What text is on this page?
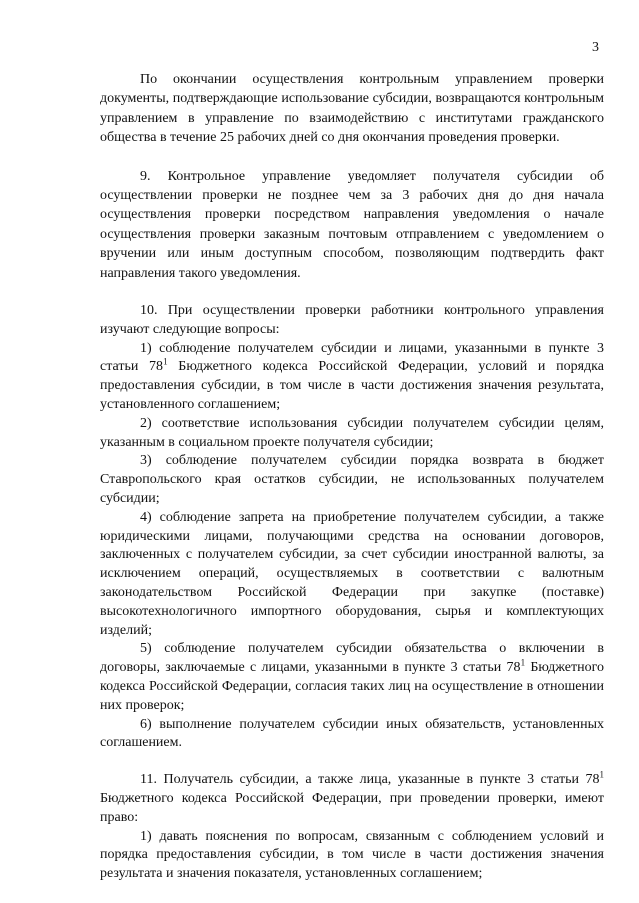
3

По окончании осуществления контрольным управлением проверки документы, подтверждающие использование субсидии, возвращаются контрольным управлением в управление по взаимодействию с институтами гражданского общества в течение 25 рабочих дней со дня окончания проведения проверки.

9. Контрольное управление уведомляет получателя субсидии об осуществлении проверки не позднее чем за 3 рабочих дня до дня начала осуществления проверки посредством направления уведомления о начале осуществления проверки заказным почтовым отправлением с уведомлением о вручении или иным доступным способом, позволяющим подтвердить факт направления такого уведомления.

10. При осуществлении проверки работники контрольного управления изучают следующие вопросы:

1) соблюдение получателем субсидии и лицами, указанными в пункте 3 статьи $78^1$ Бюджетного кодекса Российской Федерации, условий и порядка предоставления субсидии, в том числе в части достижения значения результата, установленного соглашением;

2) соответствие использования субсидии получателем субсидии целям, указанным в социальном проекте получателя субсидии;

3) соблюдение получателем субсидии порядка возврата в бюджет Ставропольского края остатков субсидии, не использованных получателем субсидии;

4) соблюдение запрета на приобретение получателем субсидии, а также юридическими лицами, получающими средства на основании договоров, заключенных с получателем субсидии, за счет субсидии иностранной валюты, за исключением операций, осуществляемых в соответствии с валютным законодательством Российской Федерации при закупке (поставке) высокотехнологичного импортного оборудования, сырья и комплектующих изделий;

5) соблюдение получателем субсидии обязательства о включении в договоры, заключаемые с лицами, указанными в пункте 3 статьи $78^1$ Бюджетного кодекса Российской Федерации, согласия таких лиц на осуществление в отношении них проверок;

6) выполнение получателем субсидии иных обязательств, установленных соглашением.

11. Получатель субсидии, а также лица, указанные в пункте 3 статьи $78^1$ Бюджетного кодекса Российской Федерации, при проведении проверки, имеют право:

1) давать пояснения по вопросам, связанным с соблюдением условий и порядка предоставления субсидии, в том числе в части достижения значения результата и значения показателя, установленных соглашением;
